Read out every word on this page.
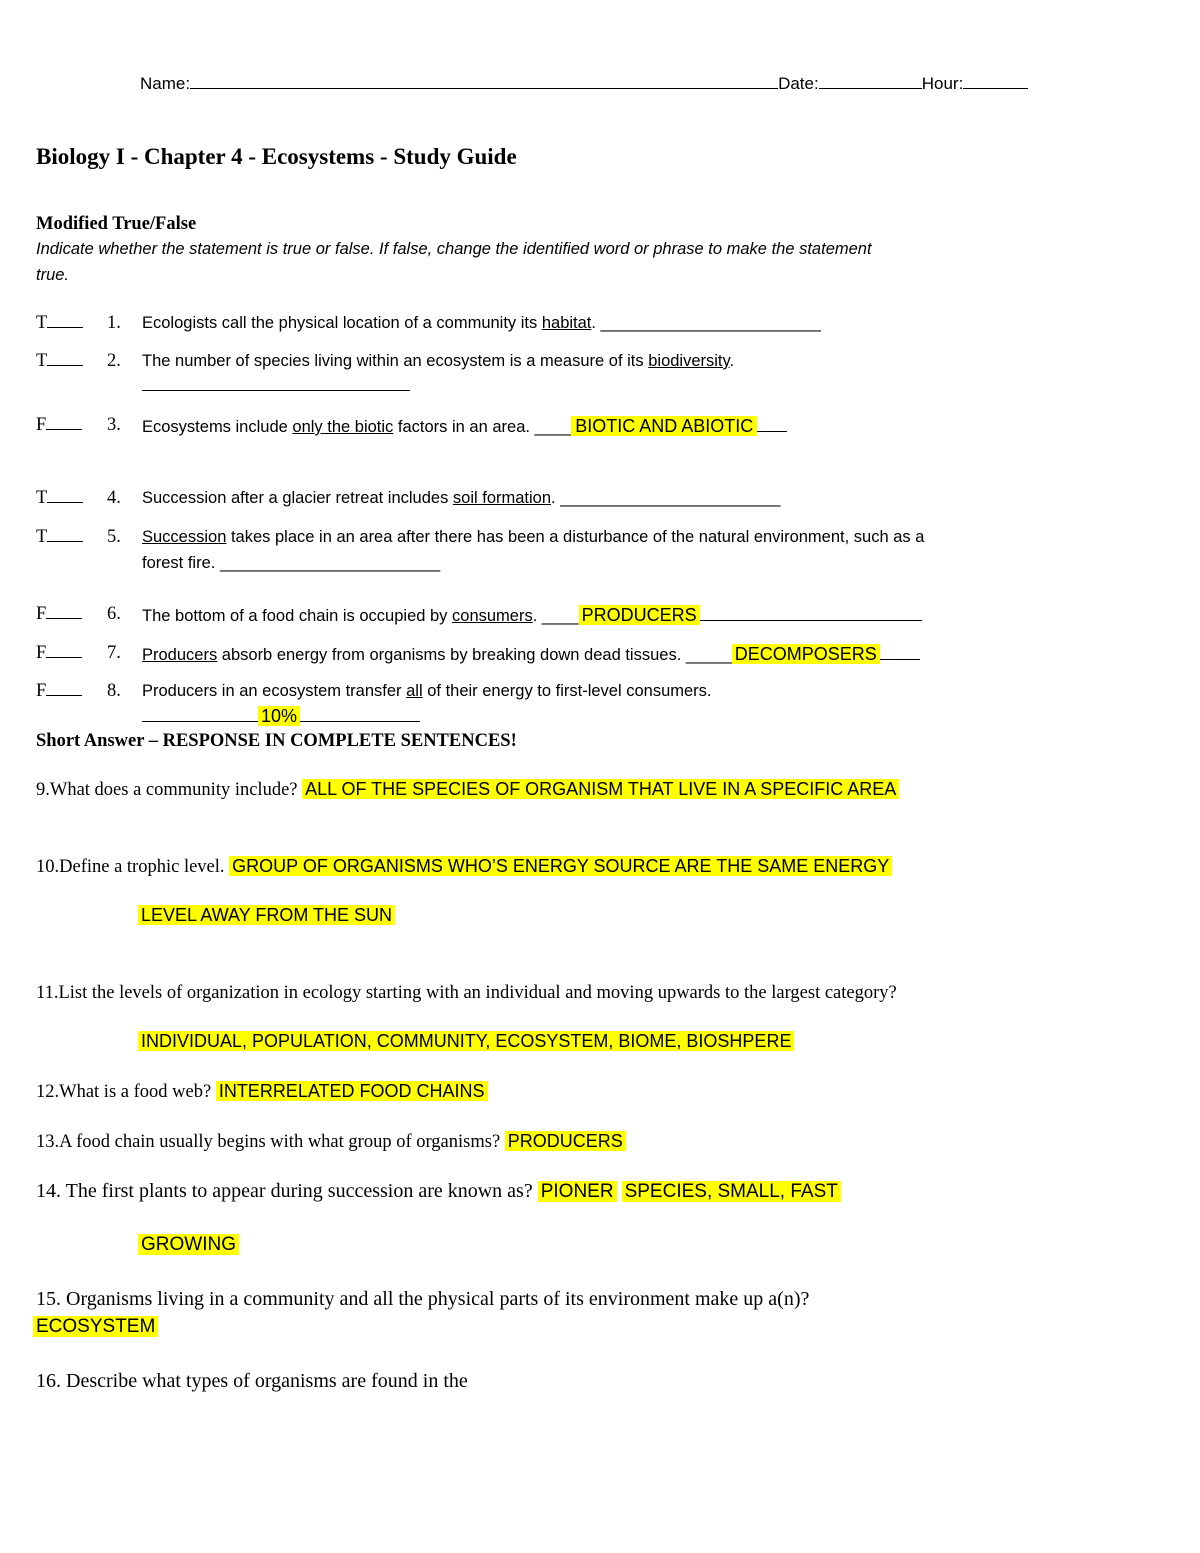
Name:	Date:	Hour:
Biology I - Chapter 4 - Ecosystems - Study Guide
Modified True/False
Indicate whether the statement is true or false. If false, change the identified word or phrase to make the statement
true.
T	1. Ecologists call the physical location of a community its habitat. ________________________
T	2. The number of species living within an ecosystem is a measure of its biodiversity.
F	3. Ecosystems include only the biotic factors in an area. ____ BIOTIC AND ABIOTIC
T	4. Succession after a glacier retreat includes soil formation. ________________________
T	5. Succession takes place in an area after there has been a disturbance of the natural environment, such as a
forest fire. ________________________
F	6. The bottom of a food chain is occupied by consumers. ____ PRODUCERS
F	7. Producers absorb energy from organisms by breaking down dead tissues. _____ DECOMPOSERS
F	8. Producers in an ecosystem transfer all of their energy to first-level consumers.
10%
Short Answer – RESPONSE IN COMPLETE SENTENCES!
9.What does a community include? ALL OF THE SPECIES OF ORGANISM THAT LIVE IN A SPECIFIC AREA
10.Define a trophic level. GROUP OF ORGANISMS WHO’S ENERGY SOURCE ARE THE SAME ENERGY
LEVEL AWAY FROM THE SUN
11.List the levels of organization in ecology starting with an individual and moving upwards to the largest category?
INDIVIDUAL, POPULATION, COMMUNITY, ECOSYSTEM, BIOME, BIOSHPERE
12.What is a food web? INTERRELATED FOOD CHAINS
13.A food chain usually begins with what group of organisms? PRODUCERS
14. The first plants to appear during succession are known as? PIONER SPECIES, SMALL, FAST
GROWING
15. Organisms living in a community and all the physical parts of its environment make up a(n)?
ECOSYSTEM
16. Describe what types of organisms are found in the
